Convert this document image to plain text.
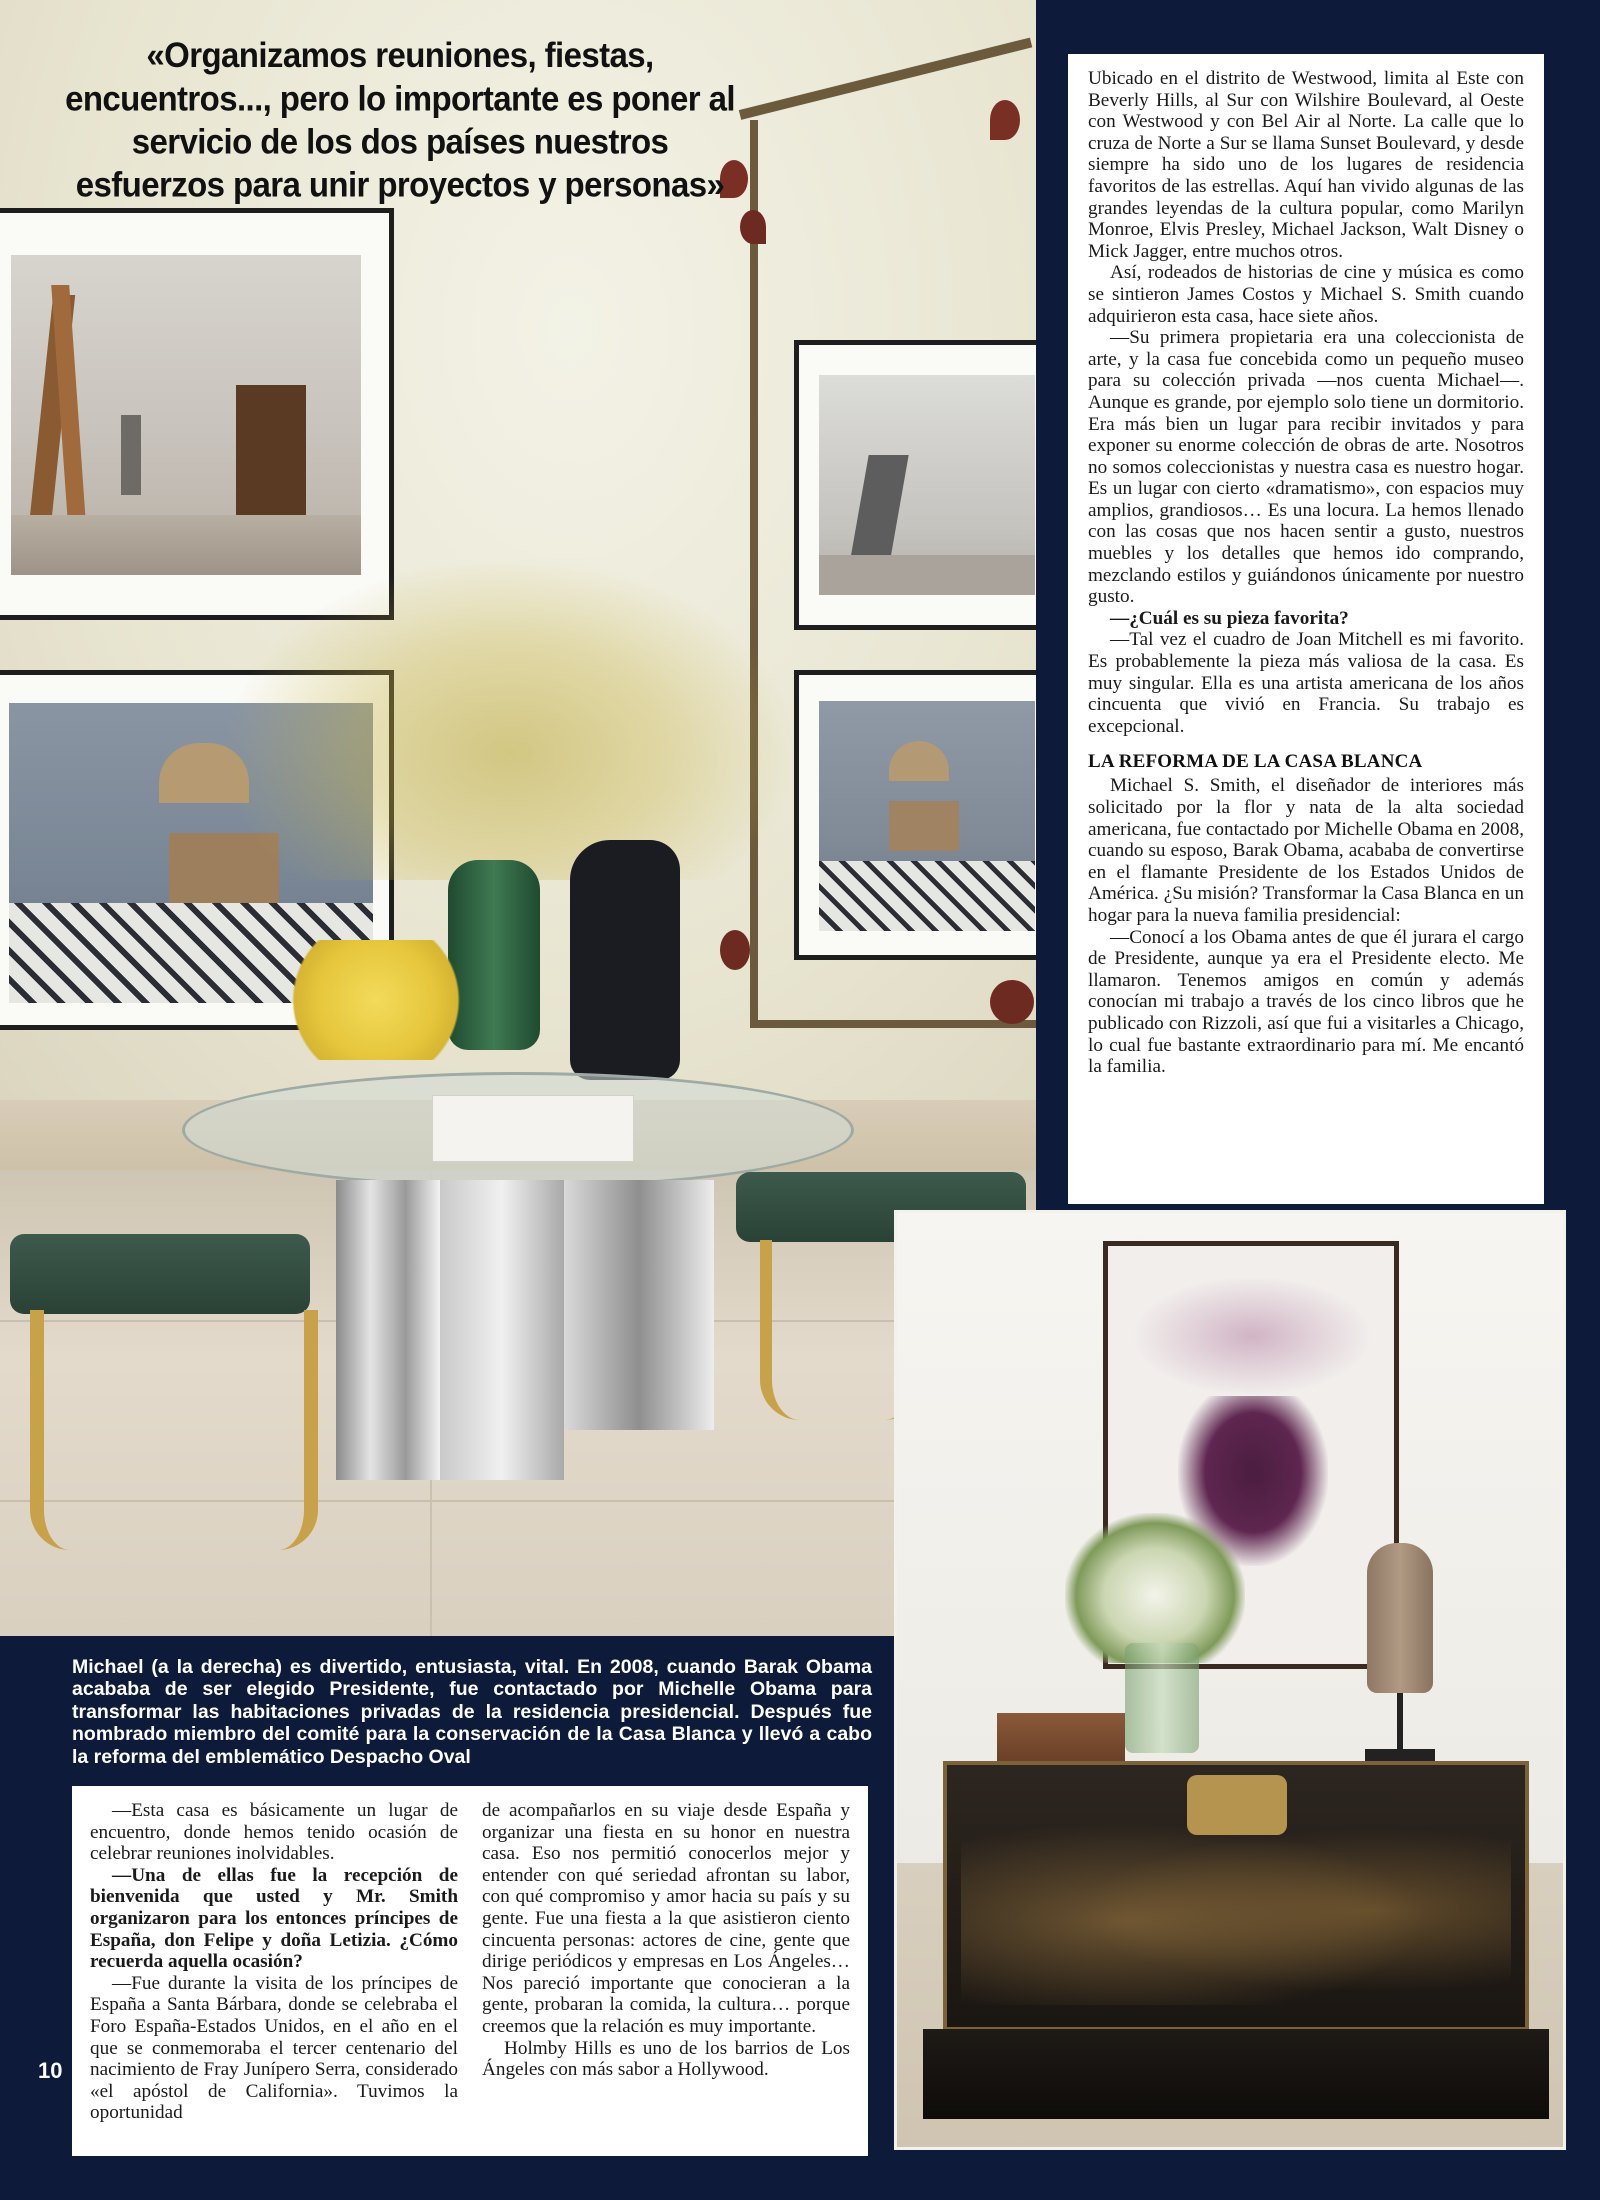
«Organizamos reuniones, fiestas, encuentros..., pero lo importante es poner al servicio de los dos países nuestros esfuerzos para unir proyectos y personas»

Ubicado en el distrito de Westwood, limita al Este con Beverly Hills, al Sur con Wilshire Boulevard, al Oeste con Westwood y con Bel Air al Norte. La calle que lo cruza de Norte a Sur se llama Sunset Boulevard, y desde siempre ha sido uno de los lugares de residencia favoritos de las estrellas. Aquí han vivido algunas de las grandes leyendas de la cultura popular, como Marilyn Monroe, Elvis Presley, Michael Jackson, Walt Disney o Mick Jagger, entre muchos otros.

Así, rodeados de historias de cine y música es como se sintieron James Costos y Michael S. Smith cuando adquirieron esta casa, hace siete años.

—Su primera propietaria era una coleccionista de arte, y la casa fue concebida como un pequeño museo para su colección privada —nos cuenta Michael—. Aunque es grande, por ejemplo solo tiene un dormitorio. Era más bien un lugar para recibir invitados y para exponer su enorme colección de obras de arte. Nosotros no somos coleccionistas y nuestra casa es nuestro hogar. Es un lugar con cierto «dramatismo», con espacios muy amplios, grandiosos… Es una locura. La hemos llenado con las cosas que nos hacen sentir a gusto, nuestros muebles y los detalles que hemos ido comprando, mezclando estilos y guiándonos únicamente por nuestro gusto.

—¿Cuál es su pieza favorita?

—Tal vez el cuadro de Joan Mitchell es mi favorito. Es probablemente la pieza más valiosa de la casa. Es muy singular. Ella es una artista americana de los años cincuenta que vivió en Francia. Su trabajo es excepcional.

LA REFORMA DE LA CASA BLANCA

Michael S. Smith, el diseñador de interiores más solicitado por la flor y nata de la alta sociedad americana, fue contactado por Michelle Obama en 2008, cuando su esposo, Barak Obama, acababa de convertirse en el flamante Presidente de los Estados Unidos de América. ¿Su misión? Transformar la Casa Blanca en un hogar para la nueva familia presidencial:

—Conocí a los Obama antes de que él jurara el cargo de Presidente, aunque ya era el Presidente electo. Me llamaron. Tenemos amigos en común y además conocían mi trabajo a través de los cinco libros que he publicado con Rizzoli, así que fui a visitarles a Chicago, lo cual fue bastante extraordinario para mí. Me encantó la familia.

Michael (a la derecha) es divertido, entusiasta, vital. En 2008, cuando Barak Obama acababa de ser elegido Presidente, fue contactado por Michelle Obama para transformar las habitaciones privadas de la residencia presidencial. Después fue nombrado miembro del comité para la conservación de la Casa Blanca y llevó a cabo la reforma del emblemático Despacho Oval

—Esta casa es básicamente un lugar de encuentro, donde hemos tenido ocasión de celebrar reuniones inolvidables.

—Una de ellas fue la recepción de bienvenida que usted y Mr. Smith organizaron para los entonces príncipes de España, don Felipe y doña Letizia. ¿Cómo recuerda aquella ocasión?

—Fue durante la visita de los príncipes de España a Santa Bárbara, donde se celebraba el Foro España-Estados Unidos, en el año en el que se conmemoraba el tercer centenario del nacimiento de Fray Junípero Serra, considerado «el apóstol de California». Tuvimos la oportunidad

de acompañarlos en su viaje desde España y organizar una fiesta en su honor en nuestra casa. Eso nos permitió conocerlos mejor y entender con qué seriedad afrontan su labor, con qué compromiso y amor hacia su país y su gente. Fue una fiesta a la que asistieron ciento cincuenta personas: actores de cine, gente que dirige periódicos y empresas en Los Ángeles… Nos pareció importante que conocieran a la gente, probaran la comida, la cultura… porque creemos que la relación es muy importante.

Holmby Hills es uno de los barrios de Los Ángeles con más sabor a Hollywood.

10
